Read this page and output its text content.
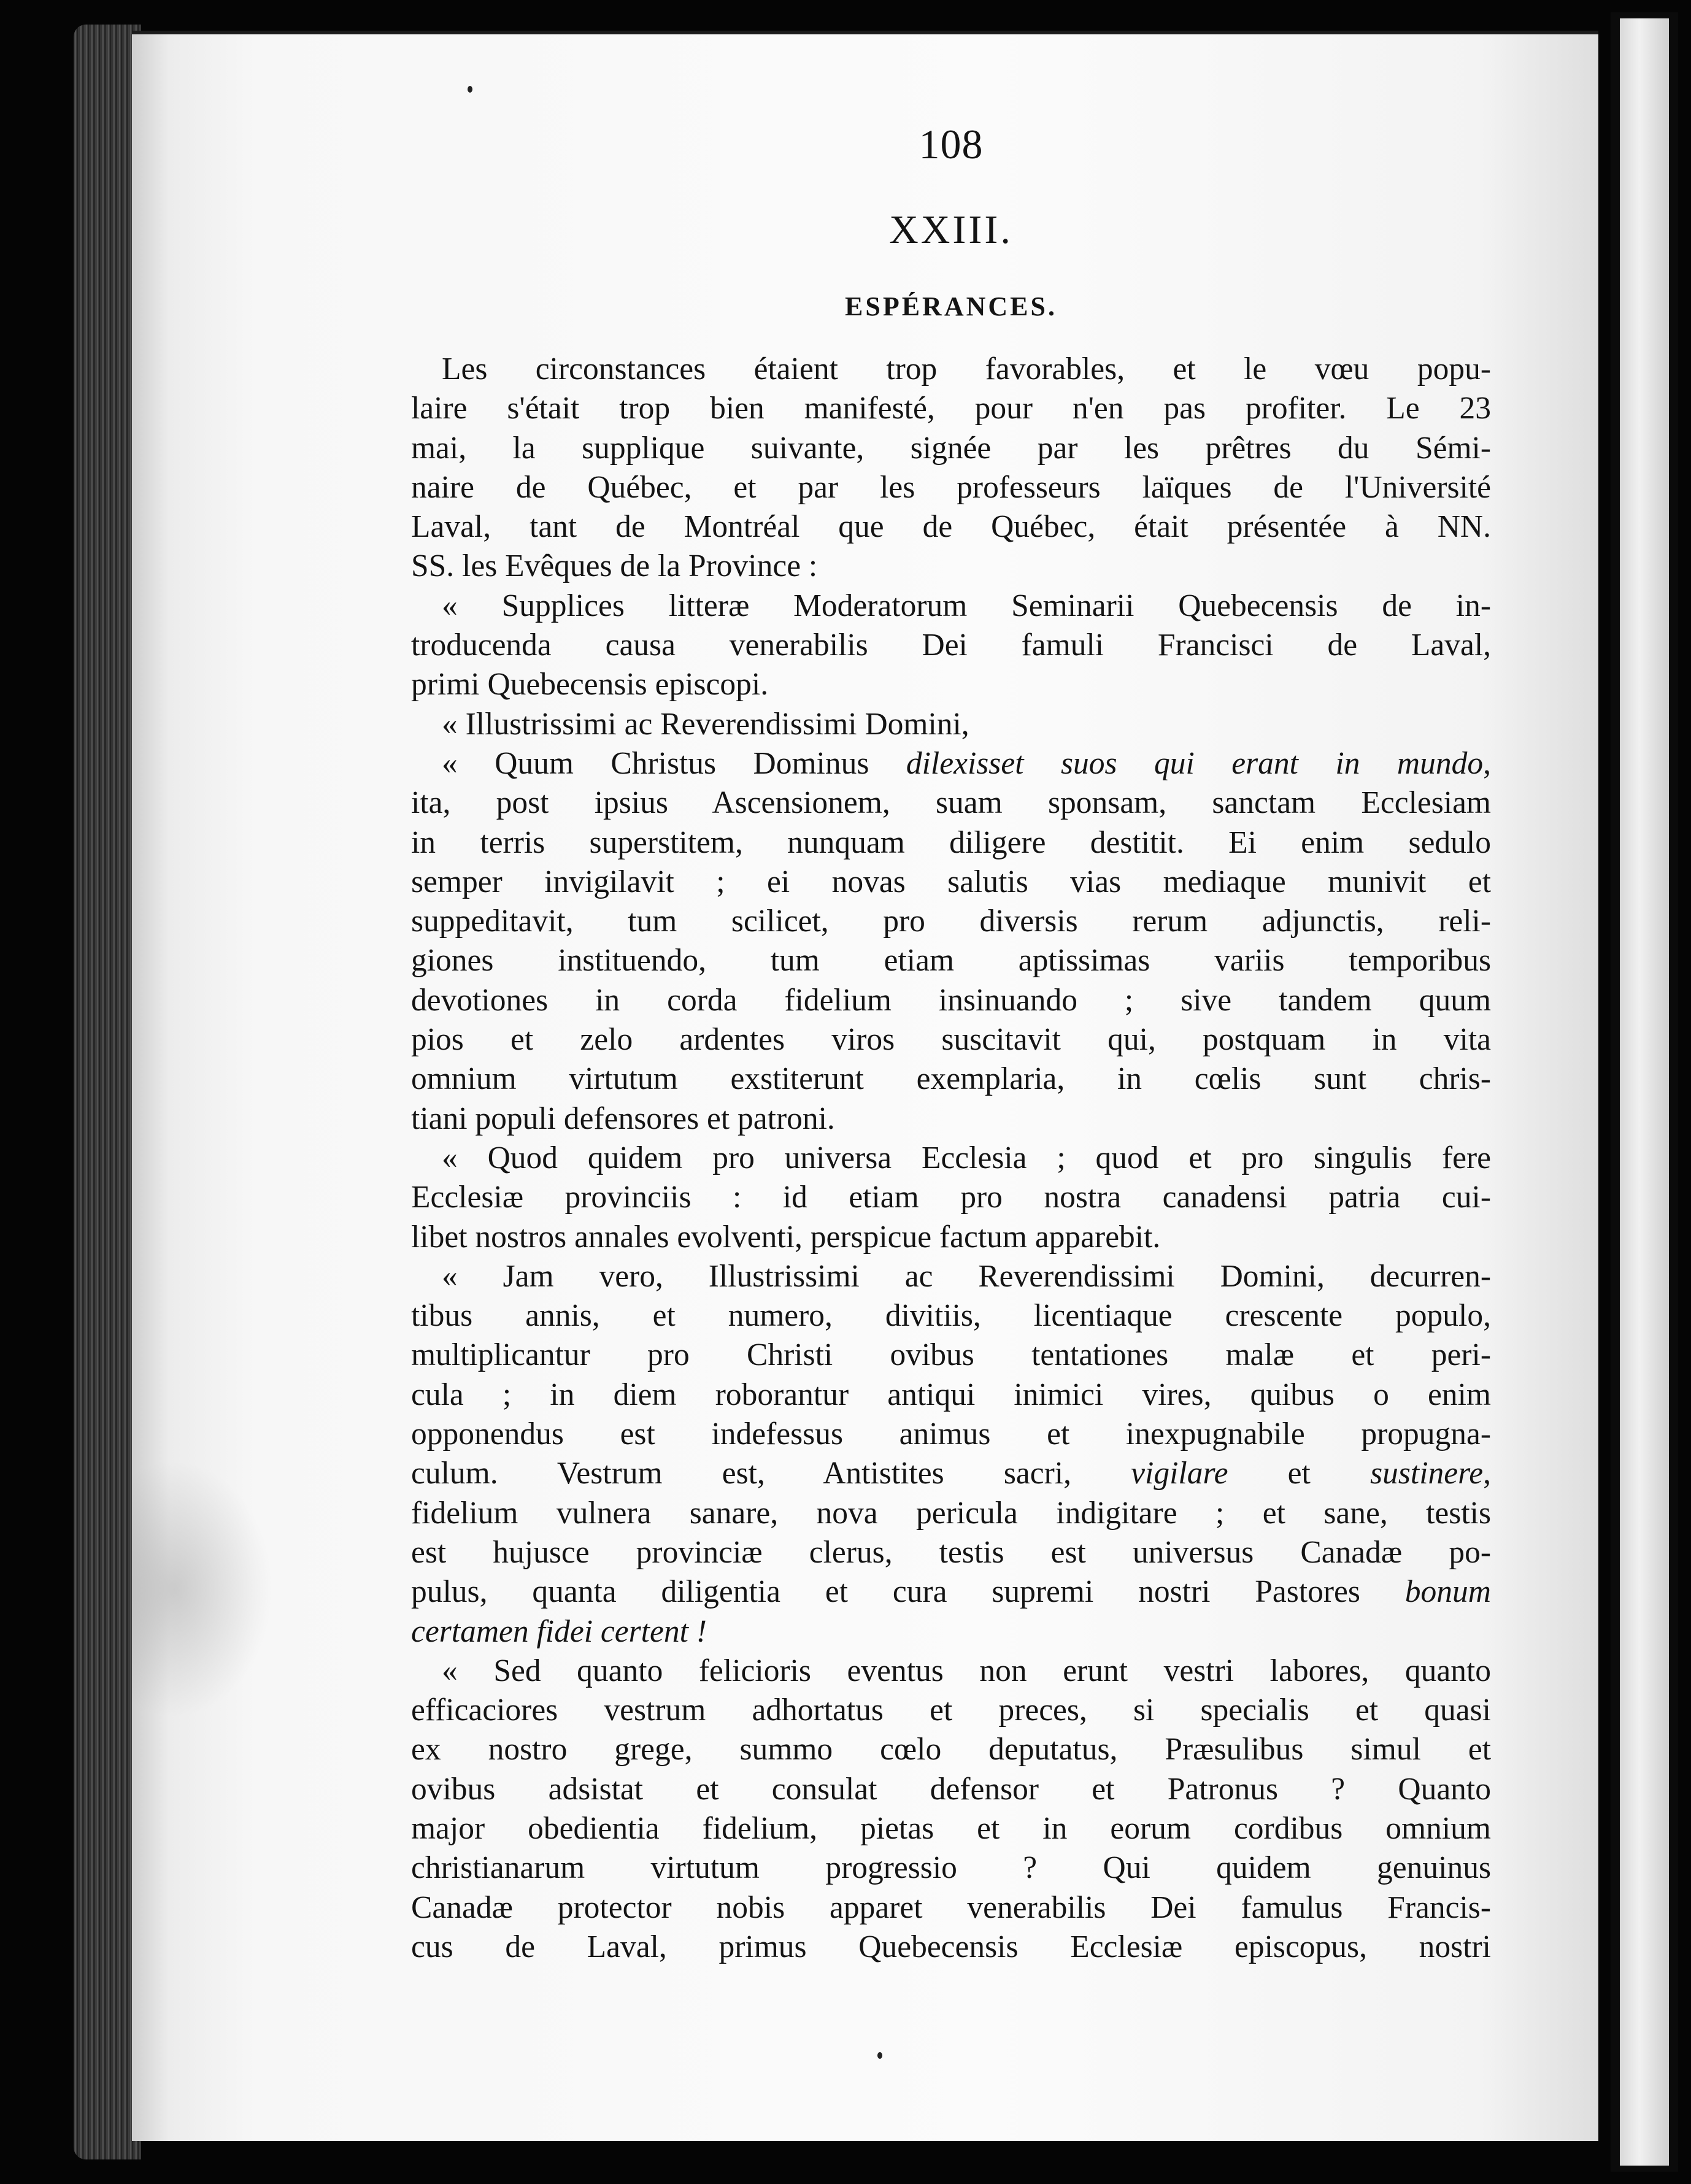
108

XXIII.

ESPÉRANCES.

Les circonstances étaient trop favorables, et le vœu popu-
laire s'était trop bien manifesté, pour n'en pas profiter. Le 23
mai, la supplique suivante, signée par les prêtres du Sémi-
naire de Québec, et par les professeurs laïques de l'Université
Laval, tant de Montréal que de Québec, était présentée à NN.
SS. les Evêques de la Province :
« Supplices litteræ Moderatorum Seminarii Quebecensis de in-
troducenda causa venerabilis Dei famuli Francisci de Laval,
primi Quebecensis episcopi.
« Illustrissimi ac Reverendissimi Domini,
« Quum Christus Dominus dilexisset suos qui erant in mundo,
ita, post ipsius Ascensionem, suam sponsam, sanctam Ecclesiam
in terris superstitem, nunquam diligere destitit. Ei enim sedulo
semper invigilavit ; ei novas salutis vias mediaque munivit et
suppeditavit, tum scilicet, pro diversis rerum adjunctis, reli-
giones instituendo, tum etiam aptissimas variis temporibus
devotiones in corda fidelium insinuando ; sive tandem quum
pios et zelo ardentes viros suscitavit qui, postquam in vita
omnium virtutum exstiterunt exemplaria, in cœlis sunt chris-
tiani populi defensores et patroni.
« Quod quidem pro universa Ecclesia ; quod et pro singulis fere
Ecclesiæ provinciis : id etiam pro nostra canadensi patria cui-
libet nostros annales evolventi, perspicue factum apparebit.
« Jam vero, Illustrissimi ac Reverendissimi Domini, decurren-
tibus annis, et numero, divitiis, licentiaque crescente populo,
multiplicantur pro Christi ovibus tentationes malæ et peri-
cula ; in diem roborantur antiqui inimici vires, quibus o enim
opponendus est indefessus animus et inexpugnabile propugna-
culum. Vestrum est, Antistites sacri, vigilare et sustinere,
fidelium vulnera sanare, nova pericula indigitare ; et sane, testis
est hujusce provinciæ clerus, testis est universus Canadæ po-
pulus, quanta diligentia et cura supremi nostri Pastores bonum
certamen fidei certent !
« Sed quanto felicioris eventus non erunt vestri labores, quanto
efficaciores vestrum adhortatus et preces, si specialis et quasi
ex nostro grege, summo cœlo deputatus, Præsulibus simul et
ovibus adsistat et consulat defensor et Patronus ? Quanto
major obedientia fidelium, pietas et in eorum cordibus omnium
christianarum virtutum progressio ? Qui quidem genuinus
Canadæ protector nobis apparet venerabilis Dei famulus Francis-
cus de Laval, primus Quebecensis Ecclesiæ episcopus, nostri
